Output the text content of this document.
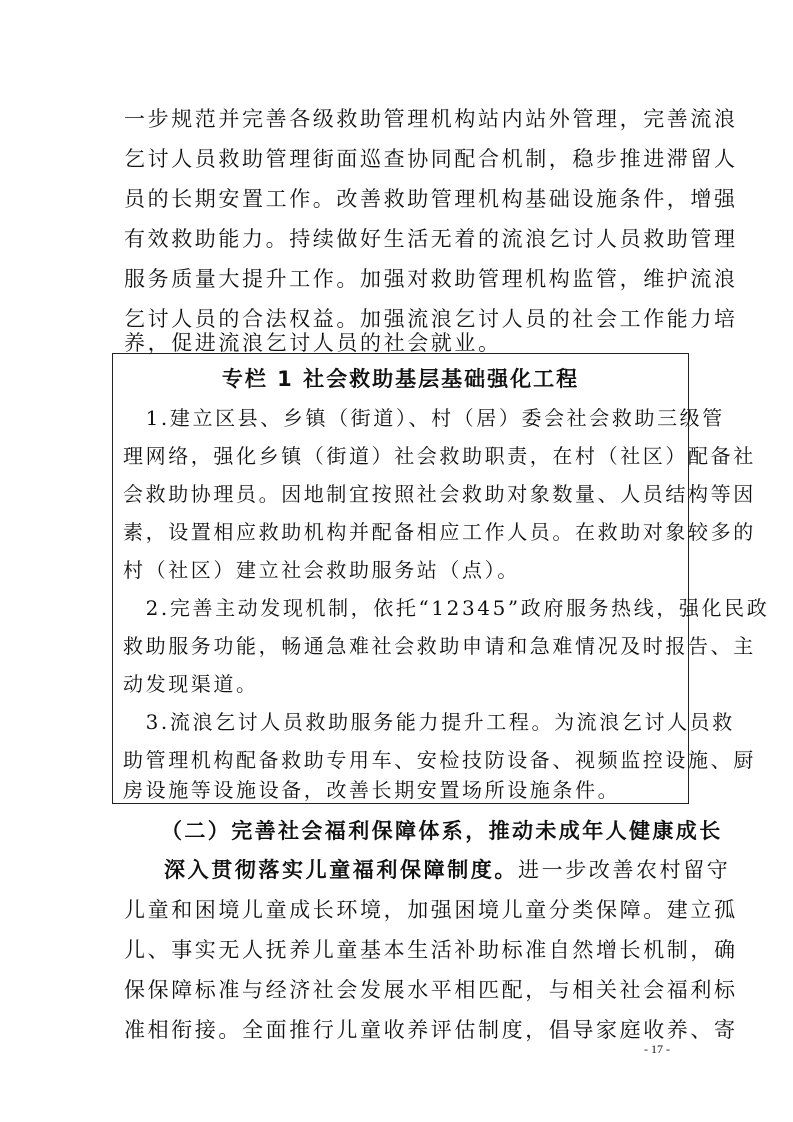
一步规范并完善各级救助管理机构站内站外管理，完善流浪
乞讨人员救助管理街面巡查协同配合机制，稳步推进滞留人
员的长期安置工作。改善救助管理机构基础设施条件，增强
有效救助能力。持续做好生活无着的流浪乞讨人员救助管理
服务质量大提升工作。加强对救助管理机构监管，维护流浪
乞讨人员的合法权益。加强流浪乞讨人员的社会工作能力培
养，促进流浪乞讨人员的社会就业。
专栏 1 社会救助基层基础强化工程
　1.建立区县、乡镇（街道）、村（居）委会社会救助三级管
理网络，强化乡镇（街道）社会救助职责，在村（社区）配备社
会救助协理员。因地制宜按照社会救助对象数量、人员结构等因
素，设置相应救助机构并配备相应工作人员。在救助对象较多的
村（社区）建立社会救助服务站（点）。
　2.完善主动发现机制，依托“12345”政府服务热线，强化民政
救助服务功能，畅通急难社会救助申请和急难情况及时报告、主
动发现渠道。
　3.流浪乞讨人员救助服务能力提升工程。为流浪乞讨人员救
助管理机构配备救助专用车、安检技防设备、视频监控设施、厨
房设施等设施设备，改善长期安置场所设施条件。
（二）完善社会福利保障体系，推动未成年人健康成长
深入贯彻落实儿童福利保障制度。进一步改善农村留守
儿童和困境儿童成长环境，加强困境儿童分类保障。建立孤
儿、事实无人抚养儿童基本生活补助标准自然增长机制，确
保保障标准与经济社会发展水平相匹配，与相关社会福利标
准相衔接。全面推行儿童收养评估制度，倡导家庭收养、寄
- 17 -
